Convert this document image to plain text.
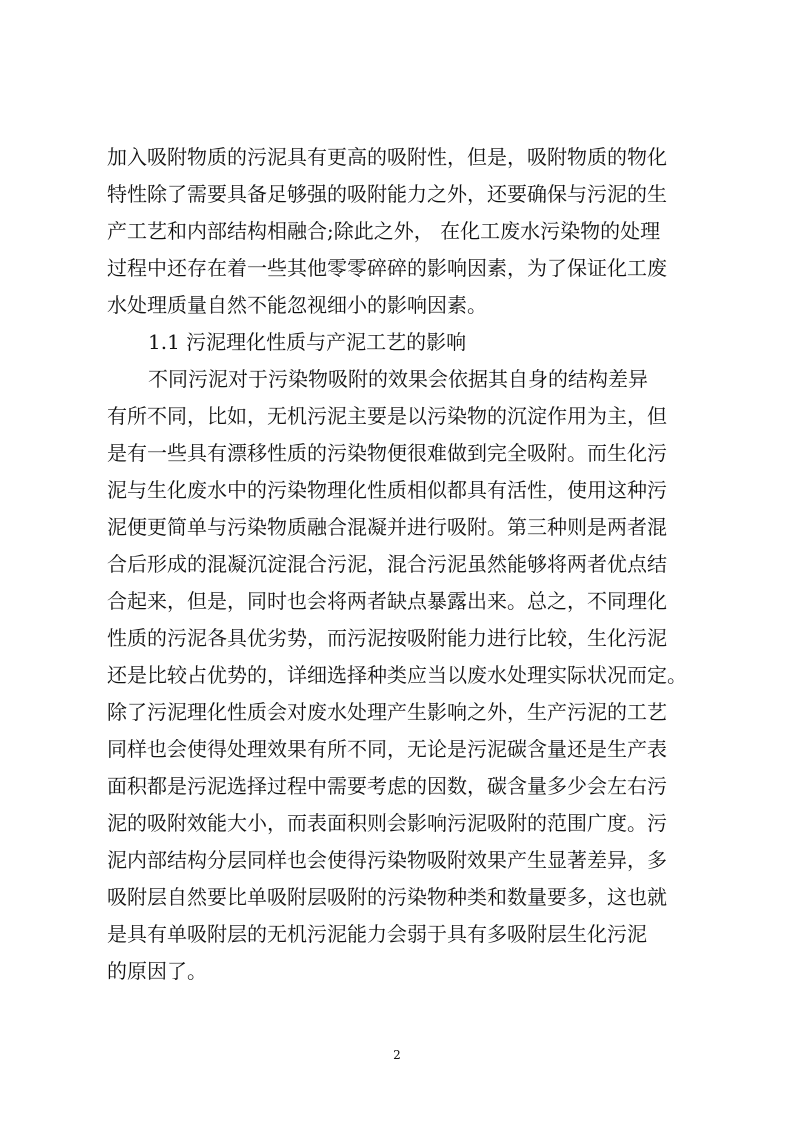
加入吸附物质的污泥具有更高的吸附性，但是，吸附物质的物化
特性除了需要具备足够强的吸附能力之外，还要确保与污泥的生
产工艺和内部结构相融合;除此之外， 在化工废水污染物的处理
过程中还存在着一些其他零零碎碎的影响因素，为了保证化工废
水处理质量自然不能忽视细小的影响因素。
1.1 污泥理化性质与产泥工艺的影响
不同污泥对于污染物吸附的效果会依据其自身的结构差异
有所不同，比如，无机污泥主要是以污染物的沉淀作用为主，但
是有一些具有漂移性质的污染物便很难做到完全吸附。而生化污
泥与生化废水中的污染物理化性质相似都具有活性，使用这种污
泥便更简单与污染物质融合混凝并进行吸附。第三种则是两者混
合后形成的混凝沉淀混合污泥，混合污泥虽然能够将两者优点结
合起来，但是，同时也会将两者缺点暴露出来。总之，不同理化
性质的污泥各具优劣势，而污泥按吸附能力进行比较，生化污泥
还是比较占优势的，详细选择种类应当以废水处理实际状况而定。
除了污泥理化性质会对废水处理产生影响之外，生产污泥的工艺
同样也会使得处理效果有所不同，无论是污泥碳含量还是生产表
面积都是污泥选择过程中需要考虑的因数，碳含量多少会左右污
泥的吸附效能大小，而表面积则会影响污泥吸附的范围广度。污
泥内部结构分层同样也会使得污染物吸附效果产生显著差异，多
吸附层自然要比单吸附层吸附的污染物种类和数量要多，这也就
是具有单吸附层的无机污泥能力会弱于具有多吸附层生化污泥
的原因了。
2
